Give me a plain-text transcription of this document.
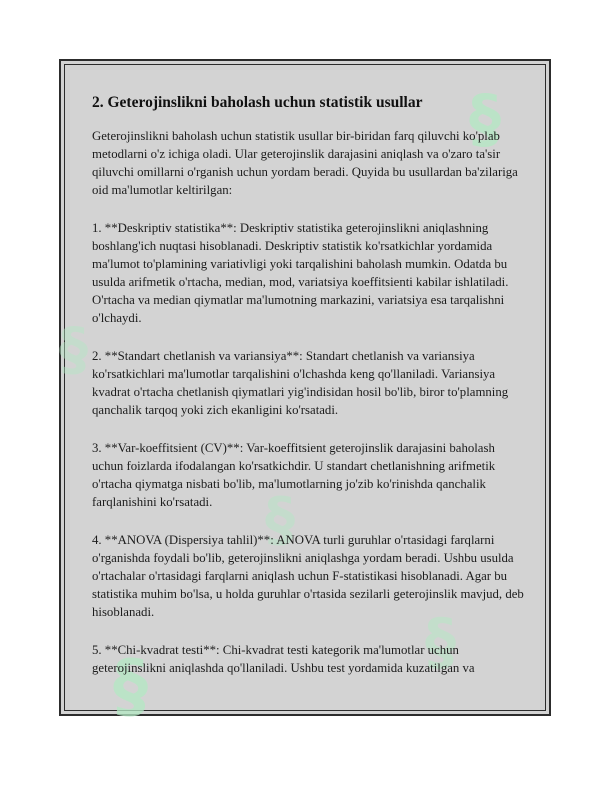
§
§
§
§
§
2. Geterojinslikni baholash uchun statistik usullar

Geterojinslikni baholash uchun statistik usullar bir-biridan farq qiluvchi ko'plab metodlarni o'z ichiga oladi. Ular geterojinslik darajasini aniqlash va o'zaro ta'sir qiluvchi omillarni o'rganish uchun yordam beradi. Quyida bu usullardan ba'zilariga oid ma'lumotlar keltirilgan:

1. **Deskriptiv statistika**: Deskriptiv statistika geterojinslikni aniqlashning boshlang'ich nuqtasi hisoblanadi. Deskriptiv statistik ko'rsatkichlar yordamida ma'lumot to'plamining variativligi yoki tarqalishini baholash mumkin. Odatda bu usulda arifmetik o'rtacha, median, mod, variatsiya koeffitsienti kabilar ishlatiladi. O'rtacha va median qiymatlar ma'lumotning markazini, variatsiya esa tarqalishni o'lchaydi.

2. **Standart chetlanish va variansiya**: Standart chetlanish va variansiya ko'rsatkichlari ma'lumotlar tarqalishini o'lchashda keng qo'llaniladi. Variansiya kvadrat o'rtacha chetlanish qiymatlari yig'indisidan hosil bo'lib, biror to'plamning qanchalik tarqoq yoki zich ekanligini ko'rsatadi.

3. **Var-koeffitsient (CV)**: Var-koeffitsient geterojinslik darajasini baholash uchun foizlarda ifodalangan ko'rsatkichdir. U standart chetlanishning arifmetik o'rtacha qiymatga nisbati bo'lib, ma'lumotlarning jo'zib ko'rinishda qanchalik farqlanishini ko'rsatadi.

4. **ANOVA (Dispersiya tahlil)**: ANOVA turli guruhlar o'rtasidagi farqlarni o'rganishda foydali bo'lib, geterojinslikni aniqlashga yordam beradi. Ushbu usulda o'rtachalar o'rtasidagi farqlarni aniqlash uchun F-statistikasi hisoblanadi. Agar bu statistika muhim bo'lsa, u holda guruhlar o'rtasida sezilarli geterojinslik mavjud, deb hisoblanadi.

5. **Chi-kvadrat testi**: Chi-kvadrat testi kategorik ma'lumotlar uchun geterojinslikni aniqlashda qo'llaniladi. Ushbu test yordamida kuzatilgan va
